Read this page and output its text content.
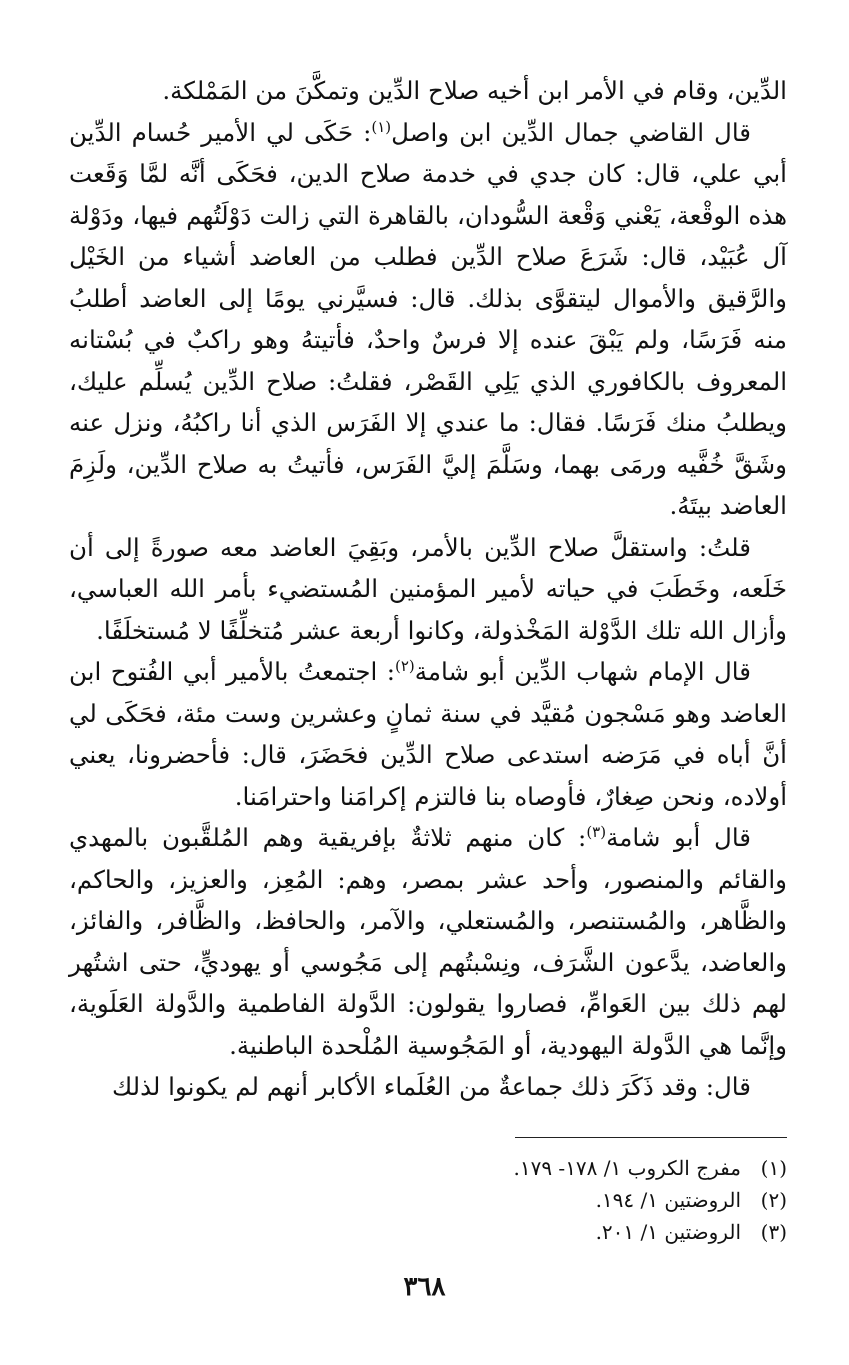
الدِّين، وقام في الأمر ابن أخيه صلاح الدِّين وتمكَّنَ من المَمْلكة.

قال القاضي جمال الدِّين ابن واصل$^{(١)}$: حَكَى لي الأمير حُسام الدِّين أبي علي، قال: كان جدي في خدمة صلاح الدين، فحَكَى أنَّه لمَّا وَقَعت هذه الوقْعة، يَعْني وَقْعة السُّودان، بالقاهرة التي زالت دَوْلَتُهم فيها، ودَوْلة آل عُبَيْد، قال: شَرَعَ صلاح الدِّين فطلب من العاضد أشياء من الخَيْل والرَّقيق والأموال ليتقوَّى بذلك. قال: فسيَّرني يومًا إلى العاضد أطلبُ منه فَرَسًا، ولم يَبْقَ عنده إلا فرسٌ واحدٌ، فأتيتهُ وهو راكبٌ في بُسْتانه المعروف بالكافوري الذي يَلِي القَصْر، فقلتُ: صلاح الدِّين يُسلِّم عليك، ويطلبُ منك فَرَسًا. فقال: ما عندي إلا الفَرَس الذي أنا راكبُهُ، ونزل عنه وشَقَّ خُفَّيه ورمَى بهما، وسَلَّمَ إليَّ الفَرَس، فأتيتُ به صلاح الدِّين، ولَزِمَ العاضد بيتَهُ.

قلتُ: واستقلَّ صلاح الدِّين بالأمر، وبَقِيَ العاضد معه صورةً إلى أن خَلَعه، وخَطَبَ في حياته لأمير المؤمنين المُستضيء بأمر الله العباسي، وأزال الله تلك الدَّوْلة المَخْذولة، وكانوا أربعة عشر مُتخلِّفًا لا مُستخلَفًا.

قال الإمام شهاب الدِّين أبو شامة$^{(٢)}$: اجتمعتُ بالأمير أبي الفُتوح ابن العاضد وهو مَسْجون مُقيَّد في سنة ثمانٍ وعشرين وست مئة، فحَكَى لي أنَّ أباه في مَرَضه استدعى صلاح الدِّين فحَضَرَ، قال: فأحضرونا، يعني أولاده، ونحن صِغارٌ، فأوصاه بنا فالتزم إكرامَنا واحترامَنا.

قال أبو شامة$^{(٣)}$: كان منهم ثلاثةٌ بإفريقية وهم المُلقَّبون بالمهدي والقائم والمنصور، وأحد عشر بمصر، وهم: المُعِز، والعزيز، والحاكم، والظَّاهر، والمُستنصر، والمُستعلي، والآمر، والحافظ، والظَّافر، والفائز، والعاضد، يدَّعون الشَّرَف، ونِسْبتُهم إلى مَجُوسي أو يهوديٍّ، حتى اشتُهر لهم ذلك بين العَوامِّ، فصاروا يقولون: الدَّولة الفاطمية والدَّولة العَلَوية، وإنَّما هي الدَّولة اليهودية، أو المَجُوسية المُلْحدة الباطنية.

قال: وقد ذَكَرَ ذلك جماعةٌ من العُلَماء الأكابر أنهم لم يكونوا لذلك

(١)
مفرج الكروب ١/ ١٧٨- ١٧٩.
(٢)
الروضتين ١/ ١٩٤.
(٣)
الروضتين ١/ ٢٠١.
٣٦٨
